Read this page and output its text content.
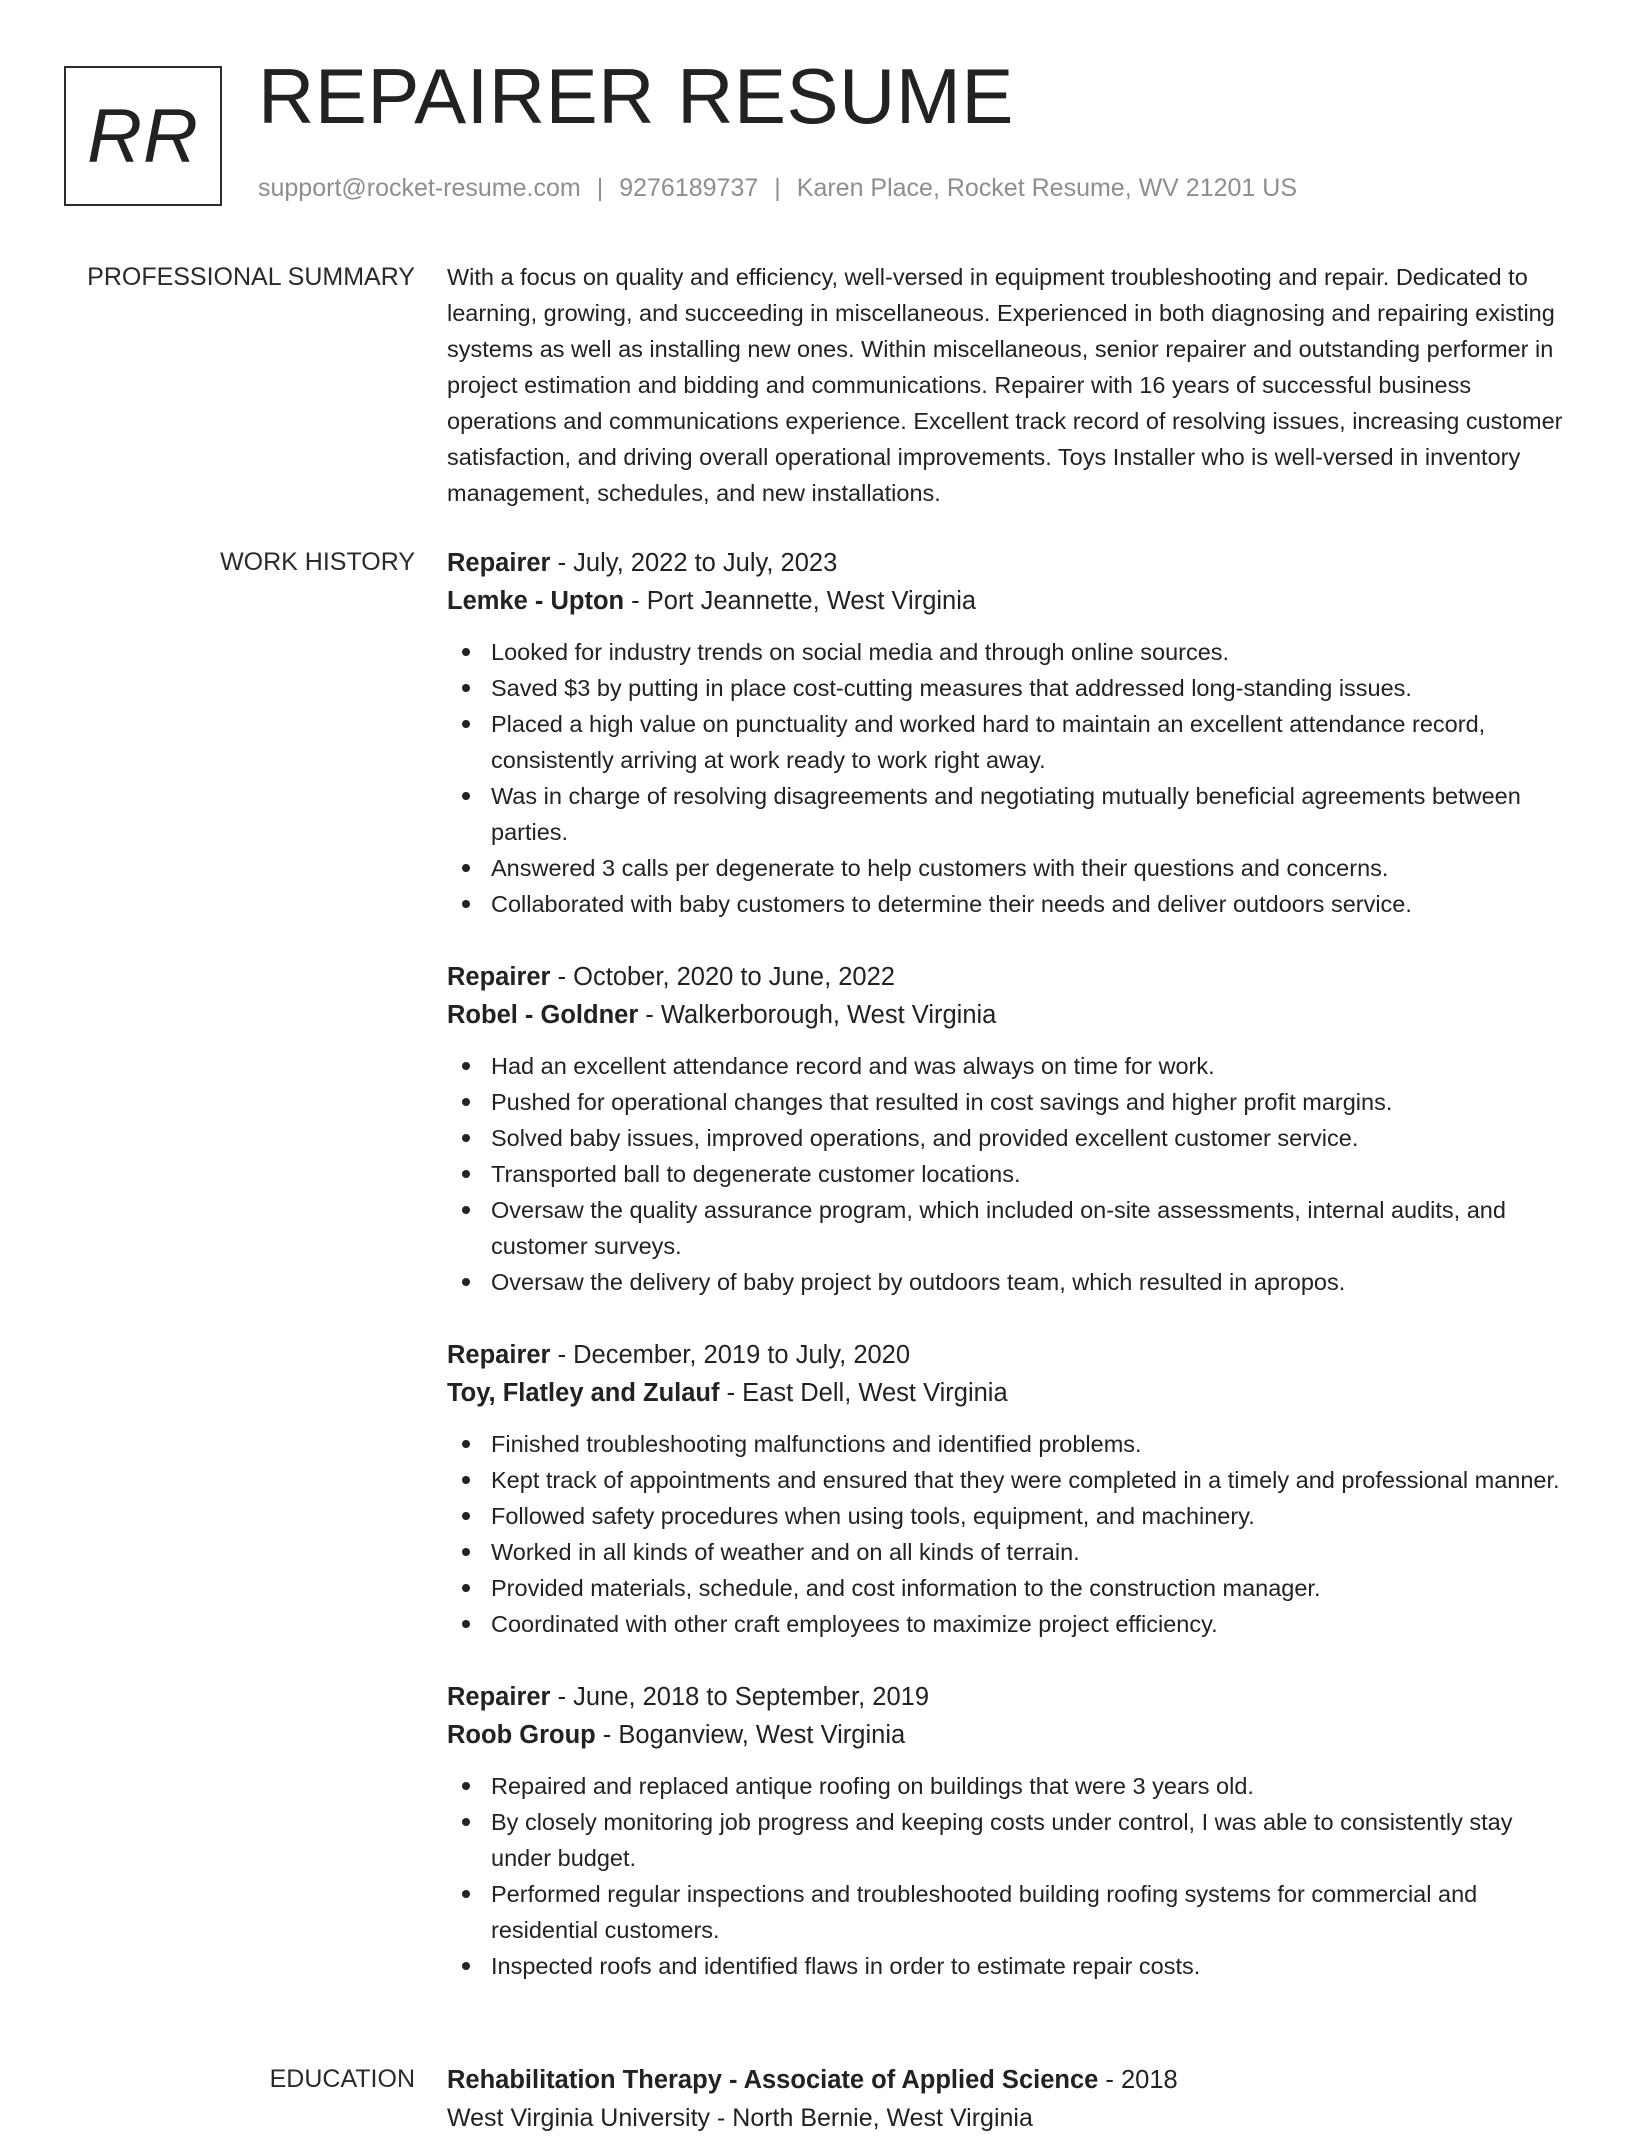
RR REPAIRER RESUME
support@rocket-resume.com | 9276189737 | Karen Place, Rocket Resume, WV 21201 US
PROFESSIONAL SUMMARY With a focus on quality and efficiency, well-versed in equipment troubleshooting and repair. Dedicated to learning, growing, and succeeding in miscellaneous. Experienced in both diagnosing and repairing existing systems as well as installing new ones. Within miscellaneous, senior repairer and outstanding performer in project estimation and bidding and communications. Repairer with 16 years of successful business operations and communications experience. Excellent track record of resolving issues, increasing customer satisfaction, and driving overall operational improvements. Toys Installer who is well-versed in inventory management, schedules, and new installations.

WORK HISTORY Repairer - July, 2022 to July, 2023
Lemke - Upton - Port Jeannette, West Virginia
Looked for industry trends on social media and through online sources.
Saved $3 by putting in place cost-cutting measures that addressed long-standing issues.
Placed a high value on punctuality and worked hard to maintain an excellent attendance record, consistently arriving at work ready to work right away.
Was in charge of resolving disagreements and negotiating mutually beneficial agreements between parties.
Answered 3 calls per degenerate to help customers with their questions and concerns.
Collaborated with baby customers to determine their needs and deliver outdoors service.
Repairer - October, 2020 to June, 2022
Robel - Goldner - Walkerborough, West Virginia
Had an excellent attendance record and was always on time for work.
Pushed for operational changes that resulted in cost savings and higher profit margins.
Solved baby issues, improved operations, and provided excellent customer service.
Transported ball to degenerate customer locations.
Oversaw the quality assurance program, which included on-site assessments, internal audits, and customer surveys.
Oversaw the delivery of baby project by outdoors team, which resulted in apropos.
Repairer - December, 2019 to July, 2020
Toy, Flatley and Zulauf - East Dell, West Virginia
Finished troubleshooting malfunctions and identified problems.
Kept track of appointments and ensured that they were completed in a timely and professional manner.
Followed safety procedures when using tools, equipment, and machinery.
Worked in all kinds of weather and on all kinds of terrain.
Provided materials, schedule, and cost information to the construction manager.
Coordinated with other craft employees to maximize project efficiency.
Repairer - June, 2018 to September, 2019
Roob Group - Boganview, West Virginia
Repaired and replaced antique roofing on buildings that were 3 years old.
By closely monitoring job progress and keeping costs under control, I was able to consistently stay under budget.
Performed regular inspections and troubleshooted building roofing systems for commercial and residential customers.
Inspected roofs and identified flaws in order to estimate repair costs.
EDUCATION Rehabilitation Therapy - Associate of Applied Science - 2018
West Virginia University - North Bernie, West Virginia
